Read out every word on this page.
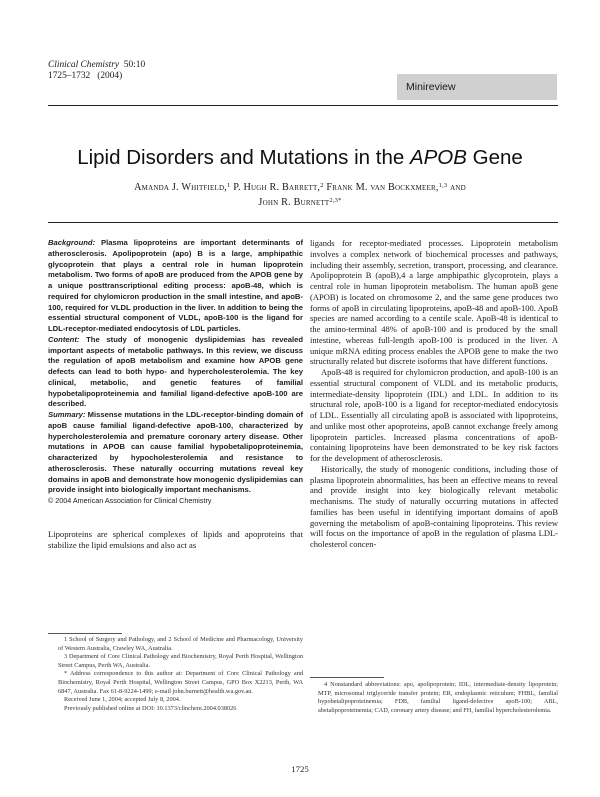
Clinical Chemistry 50:10
1725–1732 (2004)
Minireview
Lipid Disorders and Mutations in the APOB Gene
Amanda J. Whitfield,$^1$ P. Hugh R. Barrett,$^2$ Frank M. van Bockxmeer,$^{1,3}$ and
John R. Burnett$^{2,3*}$

Background: Plasma lipoproteins are important determinants of atherosclerosis. Apolipoprotein (apo) B is a large, amphipathic glycoprotein that plays a central role in human lipoprotein metabolism. Two forms of apoB are produced from the APOB gene by a unique posttranscriptional editing process: apoB-48, which is required for chylomicron production in the small intestine, and apoB-100, required for VLDL production in the liver. In addition to being the essential structural component of VLDL, apoB-100 is the ligand for LDL-receptor-mediated endocytosis of LDL particles.

Content: The study of monogenic dyslipidemias has revealed important aspects of metabolic pathways. In this review, we discuss the regulation of apoB metabolism and examine how APOB gene defects can lead to both hypo- and hypercholesterolemia. The key clinical, metabolic, and genetic features of familial hypobetalipoproteinemia and familial ligand-defective apoB-100 are described.

Summary: Missense mutations in the LDL-receptor-binding domain of apoB cause familial ligand-defective apoB-100, characterized by hypercholesterolemia and premature coronary artery disease. Other mutations in APOB can cause familial hypobetalipoproteinemia, characterized by hypocholesterolemia and resistance to atherosclerosis. These naturally occurring mutations reveal key domains in apoB and demonstrate how monogenic dyslipidemias can provide insight into biologically important mechanisms.

© 2004 American Association for Clinical Chemistry

Lipoproteins are spherical complexes of lipids and apoproteins that stabilize the lipid emulsions and also act as

ligands for receptor-mediated processes. Lipoprotein metabolism involves a complex network of biochemical processes and pathways, including their assembly, secretion, transport, processing, and clearance. Apolipoprotein B (apoB),4 a large amphipathic glycoprotein, plays a central role in human lipoprotein metabolism. The human apoB gene (APOB) is located on chromosome 2, and the same gene produces two forms of apoB in circulating lipoproteins, apoB-48 and apoB-100. ApoB species are named according to a centile scale. ApoB-48 is identical to the amino-terminal 48% of apoB-100 and is produced by the small intestine, whereas full-length apoB-100 is produced in the liver. A unique mRNA editing process enables the APOB gene to make the two structurally related but discrete isoforms that have different functions.

ApoB-48 is required for chylomicron production, and apoB-100 is an essential structural component of VLDL and its metabolic products, intermediate-density lipoprotein (IDL) and LDL. In addition to its structural role, apoB-100 is a ligand for receptor-mediated endocytosis of LDL. Essentially all circulating apoB is associated with lipoproteins, and unlike most other apoproteins, apoB cannot exchange freely among lipoprotein particles. Increased plasma concentrations of apoB-containing lipoproteins have been demonstrated to be key risk factors for the development of atherosclerosis.

Historically, the study of monogenic conditions, including those of plasma lipoprotein abnormalities, has been an effective means to reveal and provide insight into key biologically relevant metabolic mechanisms. The study of naturally occurring mutations in affected families has been useful in identifying important domains of apoB governing the metabolism of apoB-containing lipoproteins. This review will focus on the importance of apoB in the regulation of plasma LDL-cholesterol concen-

1 School of Surgery and Pathology, and 2 School of Medicine and Pharmacology, University of Western Australia, Crawley WA, Australia.

3 Department of Core Clinical Pathology and Biochemistry, Royal Perth Hospital, Wellington Street Campus, Perth WA, Australia.

* Address correspondence to this author at: Department of Core Clinical Pathology and Biochemistry, Royal Perth Hospital, Wellington Street Campus, GPO Box X2213, Perth, WA 6847, Australia. Fax 61-8-9224-1499; e-mail john.burnett@health.wa.gov.au.

Received June 1, 2004; accepted July 8, 2004.

Previously published online at DOI: 10.1373/clinchem.2004.038026

4 Nonstandard abbreviations: apo, apolipoprotein; IDL, intermediate-density lipoprotein; MTP, microsomal triglyceride transfer protein; ER, endoplasmic reticulum; FHBL, familial hypobetalipoproteinemia; FDB, familial ligand-defective apoB-100; ABL, abetalipoproteinemia; CAD, coronary artery disease; and FH, familial hypercholesterolemia.

1725
